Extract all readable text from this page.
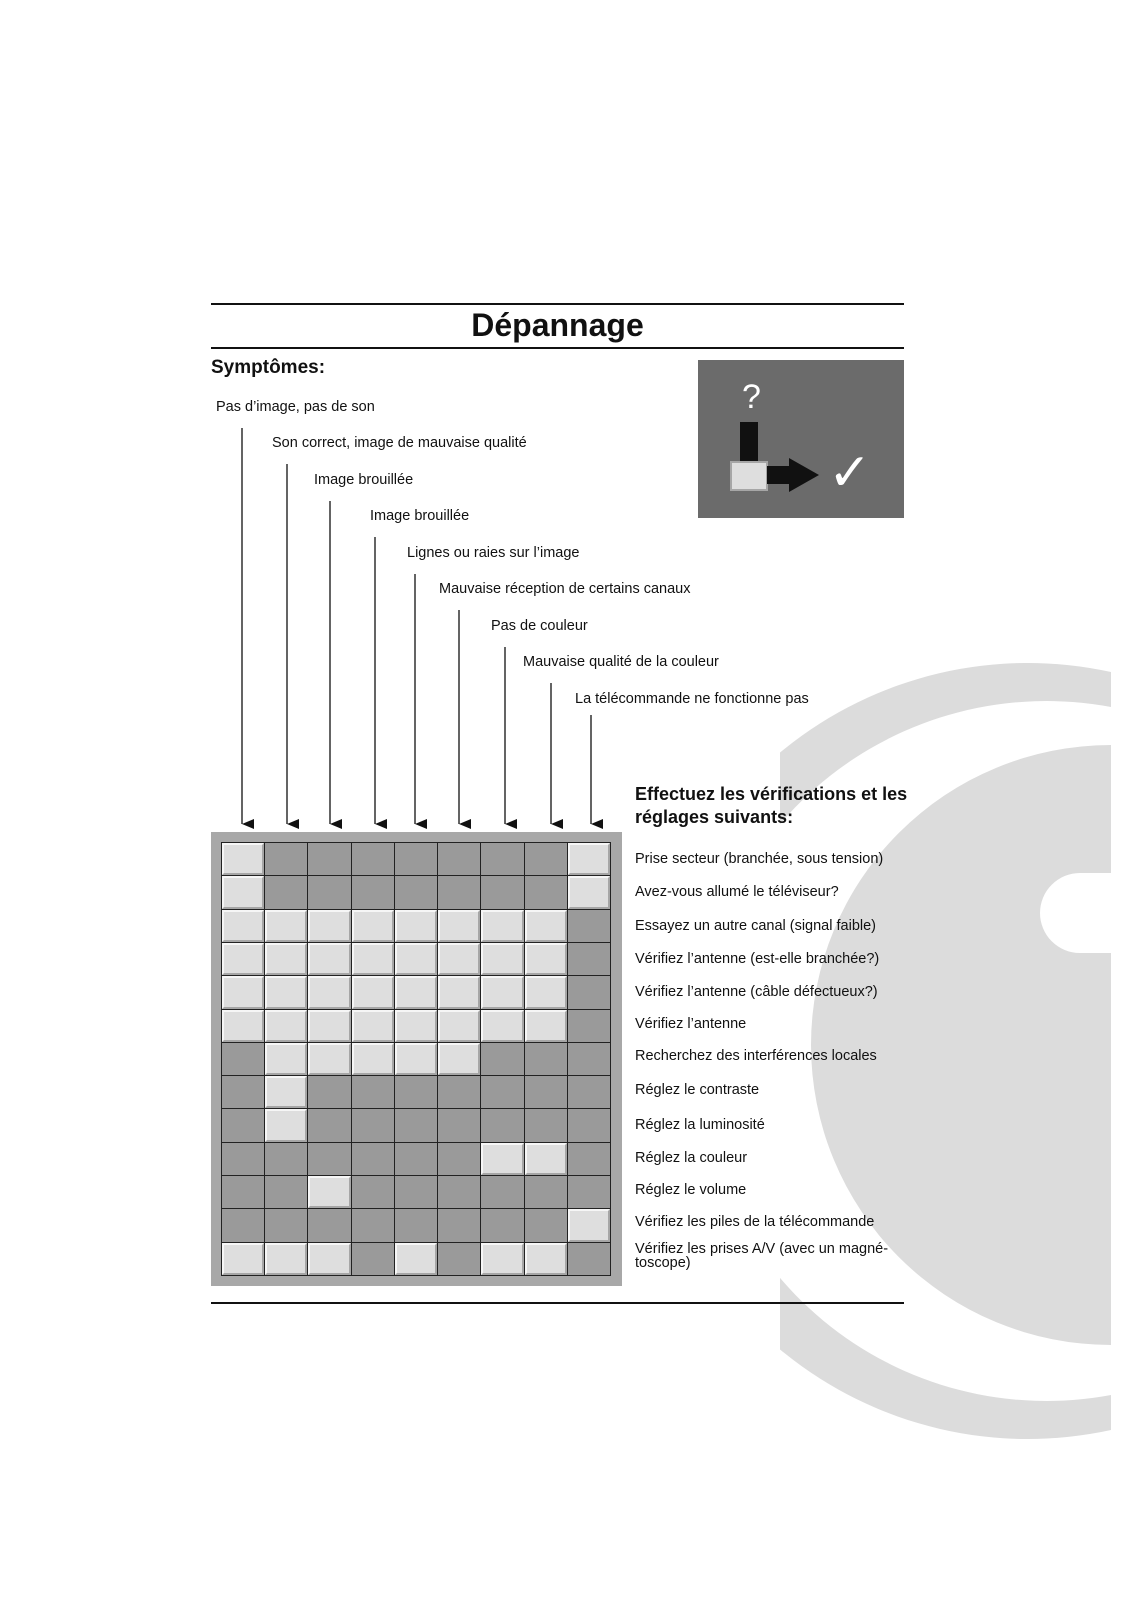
Dépannage
Symptômes:
Pas d’image, pas de son
Son correct, image de mauvaise qualité
Image brouillée
Image brouillée
Lignes ou raies sur l’image
Mauvaise réception de certains canaux
Pas de couleur
Mauvaise qualité de la couleur
La télécommande ne fonctionne pas
?
✓
Effectuez les vérifications et les réglages suivants:
Prise secteur (branchée, sous tension)
Avez-vous allumé le téléviseur?
Essayez un autre canal (signal faible)
Vérifiez l’antenne (est-elle branchée?)
Vérifiez l’antenne (câble défectueux?)
Vérifiez l’antenne
Recherchez des interférences locales
Réglez le contraste
Réglez la luminosité
Réglez la couleur
Réglez le volume
Vérifiez les piles de la télécommande
Vérifiez les prises A/V (avec un magné-toscope)
